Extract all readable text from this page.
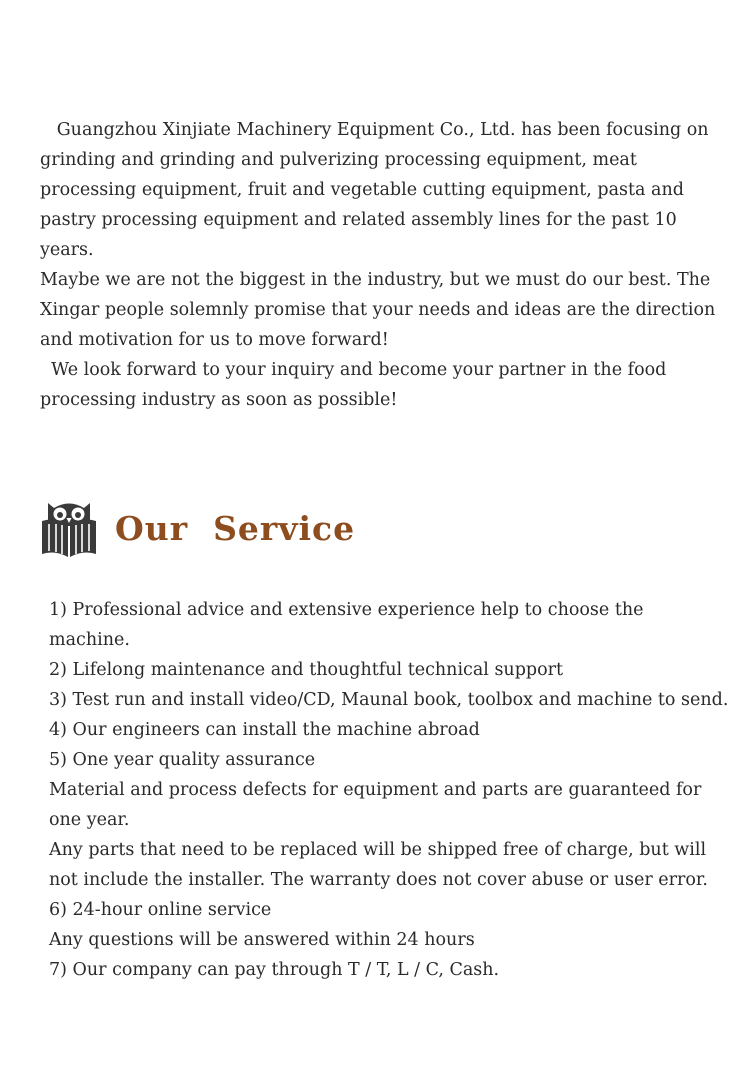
Guangzhou Xinjiate Machinery Equipment Co., Ltd. has been focusing on grinding and grinding and pulverizing processing equipment, meat processing equipment, fruit and vegetable cutting equipment, pasta and pastry processing equipment and related assembly lines for the past 10 years.

Maybe we are not the biggest in the industry, but we must do our best. The Xingar people solemnly promise that your needs and ideas are the direction and motivation for us to move forward!

We look forward to your inquiry and become your partner in the food processing industry as soon as possible!

Our  Service

1) Professional advice and extensive experience help to choose the machine.

2) Lifelong maintenance and thoughtful technical support

3) Test run and install video/CD, Maunal book, toolbox and machine to send.

4) Our engineers can install the machine abroad

5) One year quality assurance

Material and process defects for equipment and parts are guaranteed for one year.

Any parts that need to be replaced will be shipped free of charge, but will not include the installer. The warranty does not cover abuse or user error.

6) 24-hour online service

Any questions will be answered within 24 hours

7) Our company can pay through T / T, L / C, Cash.
